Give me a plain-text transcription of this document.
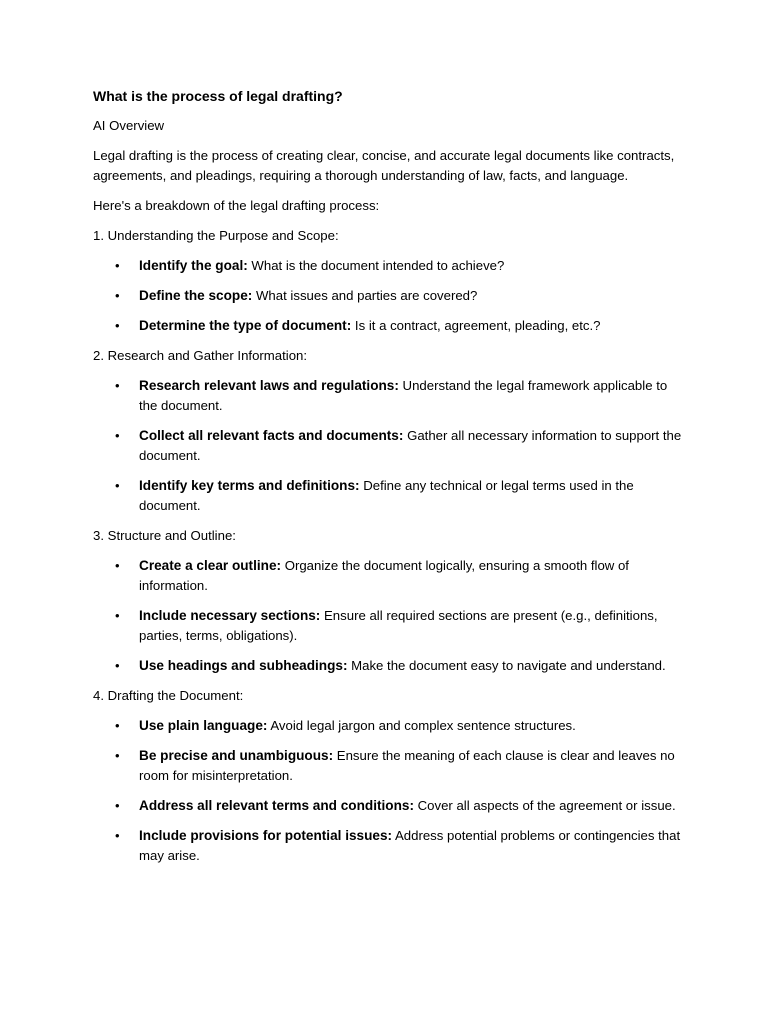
What is the process of legal drafting?
AI Overview
Legal drafting is the process of creating clear, concise, and accurate legal documents like contracts, agreements, and pleadings, requiring a thorough understanding of law, facts, and language.
Here's a breakdown of the legal drafting process:
1. Understanding the Purpose and Scope:
• Identify the goal: What is the document intended to achieve?
• Define the scope: What issues and parties are covered?
• Determine the type of document: Is it a contract, agreement, pleading, etc.?
2. Research and Gather Information:
• Research relevant laws and regulations: Understand the legal framework applicable to the document.
• Collect all relevant facts and documents: Gather all necessary information to support the document.
• Identify key terms and definitions: Define any technical or legal terms used in the document.
3. Structure and Outline:
• Create a clear outline: Organize the document logically, ensuring a smooth flow of information.
• Include necessary sections: Ensure all required sections are present (e.g., definitions, parties, terms, obligations).
• Use headings and subheadings: Make the document easy to navigate and understand.
4. Drafting the Document:
• Use plain language: Avoid legal jargon and complex sentence structures.
• Be precise and unambiguous: Ensure the meaning of each clause is clear and leaves no room for misinterpretation.
• Address all relevant terms and conditions: Cover all aspects of the agreement or issue.
• Include provisions for potential issues: Address potential problems or contingencies that may arise.
